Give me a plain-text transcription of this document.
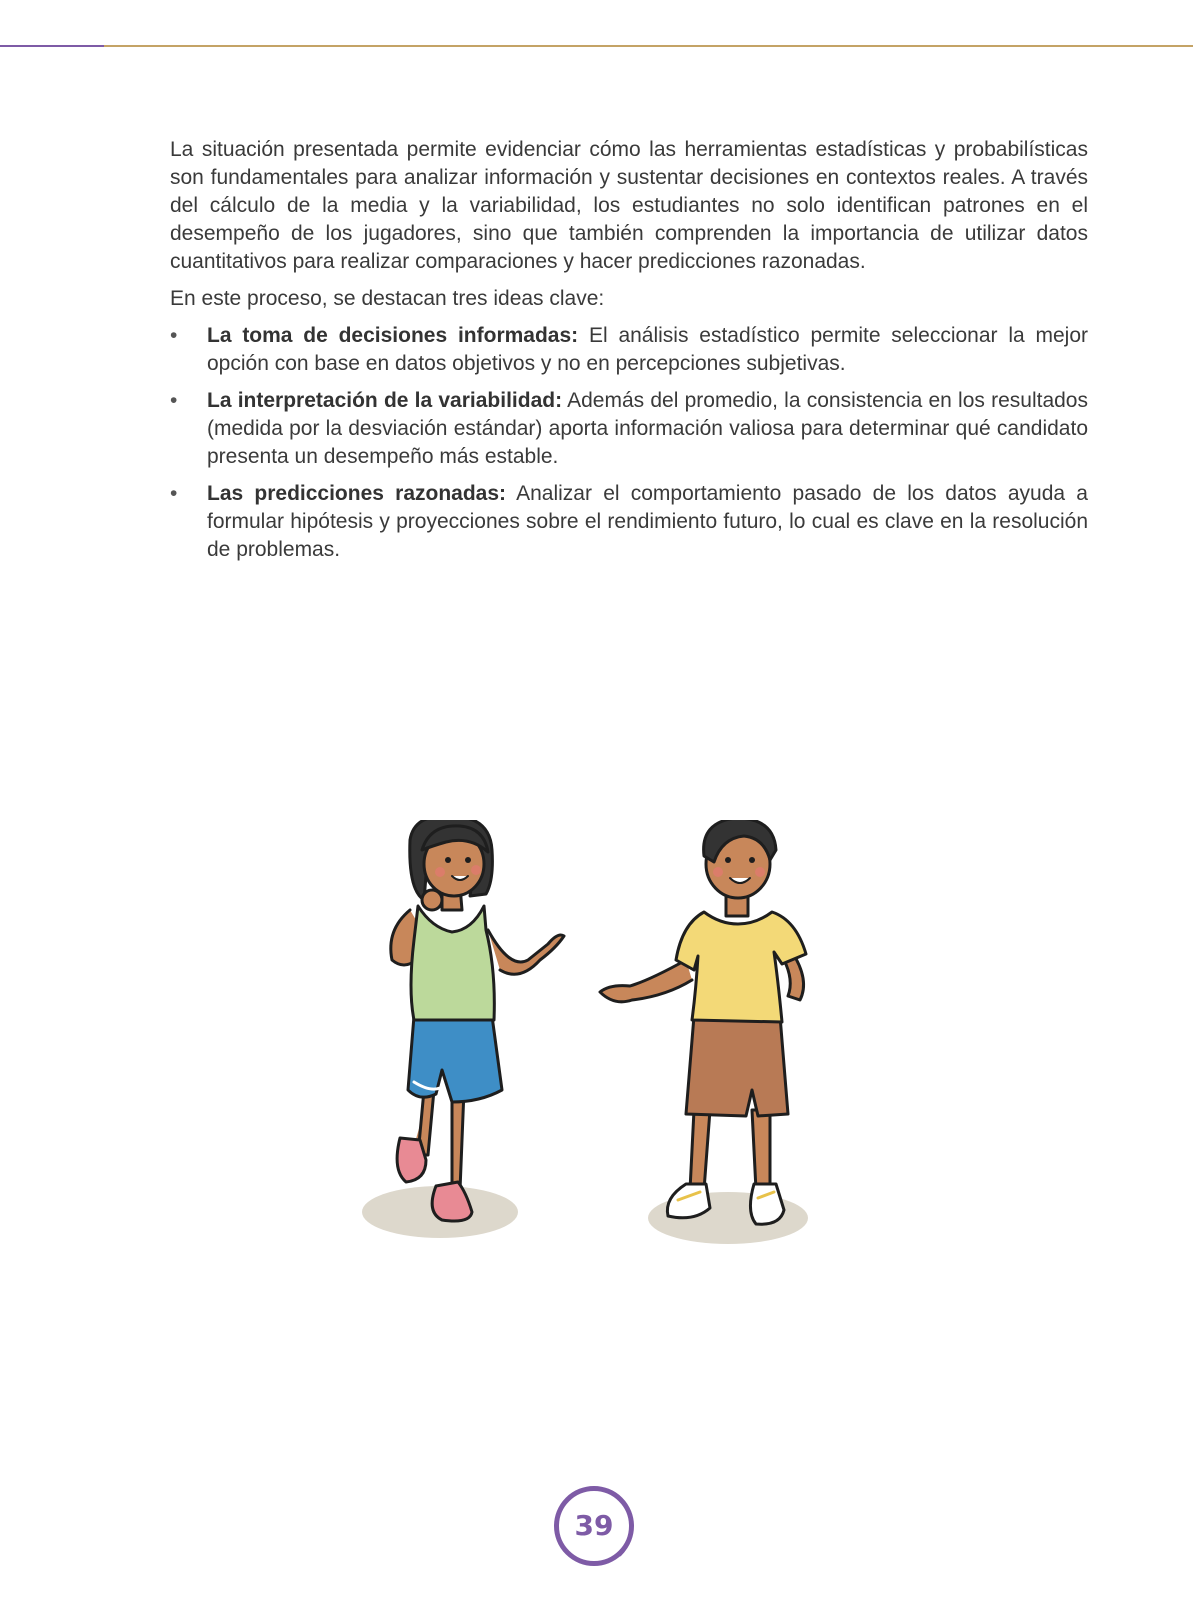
La situación presentada permite evidenciar cómo las herramientas estadísticas y probabilísticas son fundamentales para analizar información y sustentar decisiones en contextos reales. A través del cálculo de la media y la variabilidad, los estudiantes no solo identifican patrones en el desempeño de los jugadores, sino que también comprenden la importancia de utilizar datos cuantitativos para realizar comparaciones y hacer predicciones razonadas.

En este proceso, se destacan tres ideas clave:

•	La toma de decisiones informadas: El análisis estadístico permite seleccionar la mejor opción con base en datos objetivos y no en percepciones subjetivas.
•	La interpretación de la variabilidad: Además del promedio, la consistencia en los resultados (medida por la desviación estándar) aporta información valiosa para determinar qué candidato presenta un desempeño más estable.
•	Las predicciones razonadas: Analizar el comportamiento pasado de los datos ayuda a formular hipótesis y proyecciones sobre el rendimiento futuro, lo cual es clave en la resolución de problemas.
39
